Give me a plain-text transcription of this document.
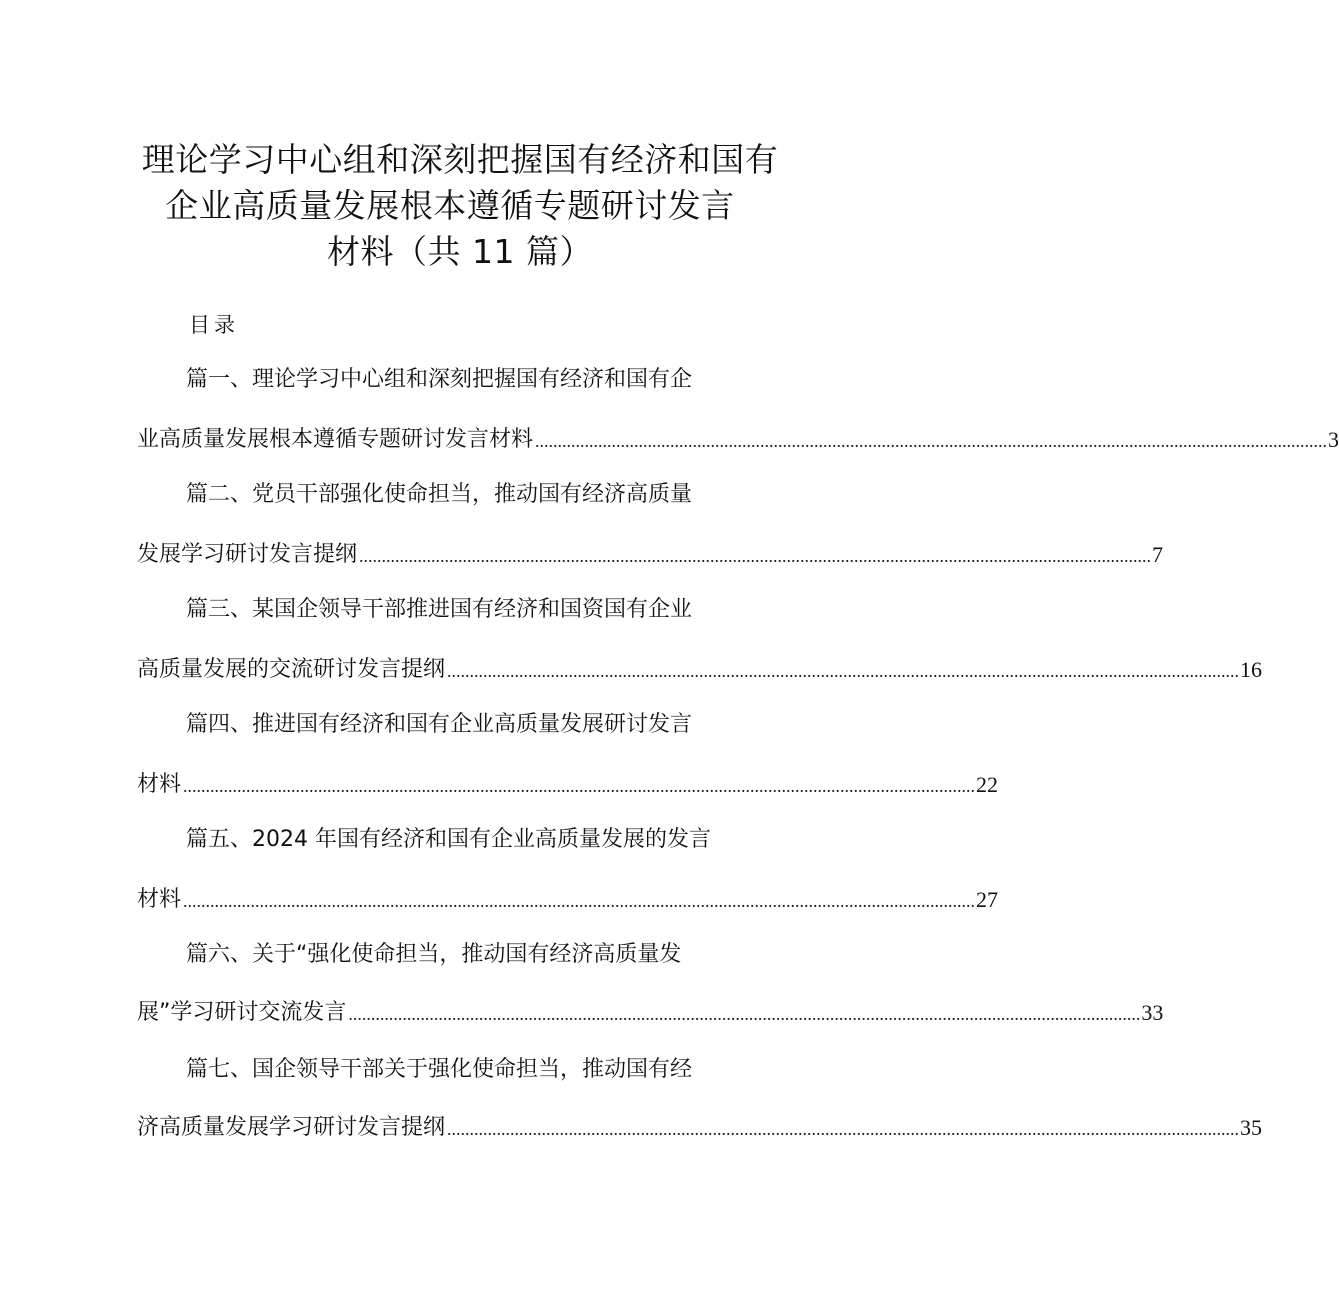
理论学习中心组和深刻把握国有经济和国有
企业高质量发展根本遵循专题研讨发言
材料（共 11 篇）
目录
篇一、理论学习中心组和深刻把握国有经济和国有企
业高质量发展根本遵循专题研讨发言材料 ................................................................................................................................................................................ 3
篇二、党员干部强化使命担当，推动国有经济高质量
发展学习研讨发言提纲 ................................................................................................................................................................................ 7
篇三、某国企领导干部推进国有经济和国资国有企业
高质量发展的交流研讨发言提纲 ................................................................................................................................................................................ 16
篇四、推进国有经济和国有企业高质量发展研讨发言
材料 ................................................................................................................................................................................ 22
篇五、2024 年国有经济和国有企业高质量发展的发言
材料 ................................................................................................................................................................................ 27
篇六、关于“强化使命担当，推动国有经济高质量发
展”学习研讨交流发言 ................................................................................................................................................................................ 33
篇七、国企领导干部关于强化使命担当，推动国有经
济高质量发展学习研讨发言提纲 ................................................................................................................................................................................ 35
